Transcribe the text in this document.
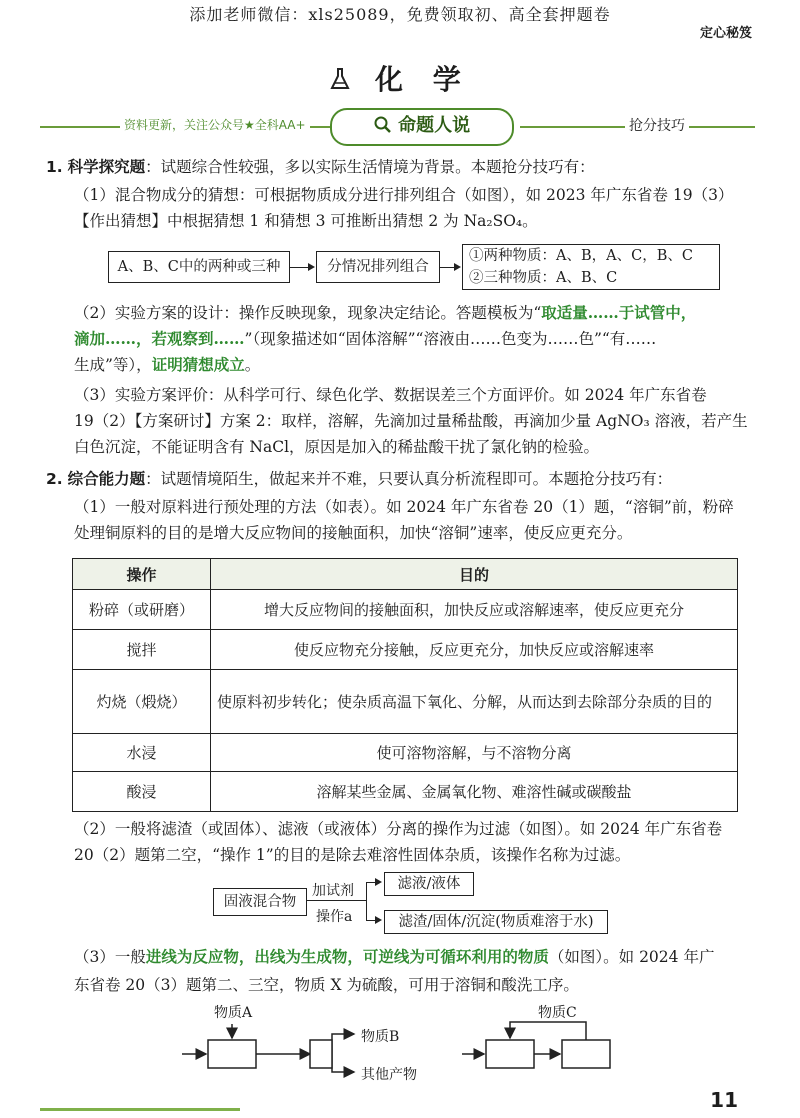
添加老师微信：xls25089，免费领取初、高全套押题卷
定心秘笈
化 学
资料更新，关注公众号★全科AA+	命题人说	抢分技巧
1. 科学探究题：试题综合性较强，多以实际生活情境为背景。本题抢分技巧有：
（1）混合物成分的猜想：可根据物质成分进行排列组合（如图），如 2023 年广东省卷 19（3）
【作出猜想】中根据猜想 1 和猜想 3 可推断出猜想 2 为 Na₂SO₄。
A、B、C中的两种或三种	分情况排列组合
①两种物质：A、B，A、C，B、C
②三种物质：A、B、C
（2）实验方案的设计：操作反映现象，现象决定结论。答题模板为“取适量……于试管中，
滴加……，若观察到……”（现象描述如“固体溶解”“溶液由……色变为……色”“有……
生成”等），证明猜想成立。
（3）实验方案评价：从科学可行、绿色化学、数据误差三个方面评价。如 2024 年广东省卷
19（2）【方案研讨】方案 2：取样，溶解，先滴加过量稀盐酸，再滴加少量 AgNO₃ 溶液，若产生
白色沉淀，不能证明含有 NaCl，原因是加入的稀盐酸干扰了氯化钠的检验。
2. 综合能力题：试题情境陌生，做起来并不难，只要认真分析流程即可。本题抢分技巧有：
（1）一般对原料进行预处理的方法（如表）。如 2024 年广东省卷 20（1）题，“溶铜”前，粉碎
处理铜原料的目的是增大反应物间的接触面积，加快“溶铜”速率，使反应更充分。
操作	目的
粉碎（或研磨）	增大反应物间的接触面积，加快反应或溶解速率，使反应更充分
搅拌	使反应物充分接触，反应更充分，加快反应或溶解速率
灼烧（煅烧）	使原料初步转化；使杂质高温下氧化、分解，从而达到去除部分杂质的目的
水浸	使可溶物溶解，与不溶物分离
酸浸	溶解某些金属、金属氧化物、难溶性碱或碳酸盐
（2）一般将滤渣（或固体）、滤液（或液体）分离的操作为过滤（如图）。如 2024 年广东省卷
20（2）题第二空，“操作 1”的目的是除去难溶性固体杂质，该操作名称为过滤。
固液混合物
加试剂
操作a
滤液/液体
滤渣/固体/沉淀(物质难溶于水)
（3）一般进线为反应物，出线为生成物，可逆线为可循环利用的物质（如图）。如 2024 年广
东省卷 20（3）题第二、三空，物质 X 为硫酸，可用于溶铜和酸洗工序。
物质A	物质C
物质B
其他产物
11
